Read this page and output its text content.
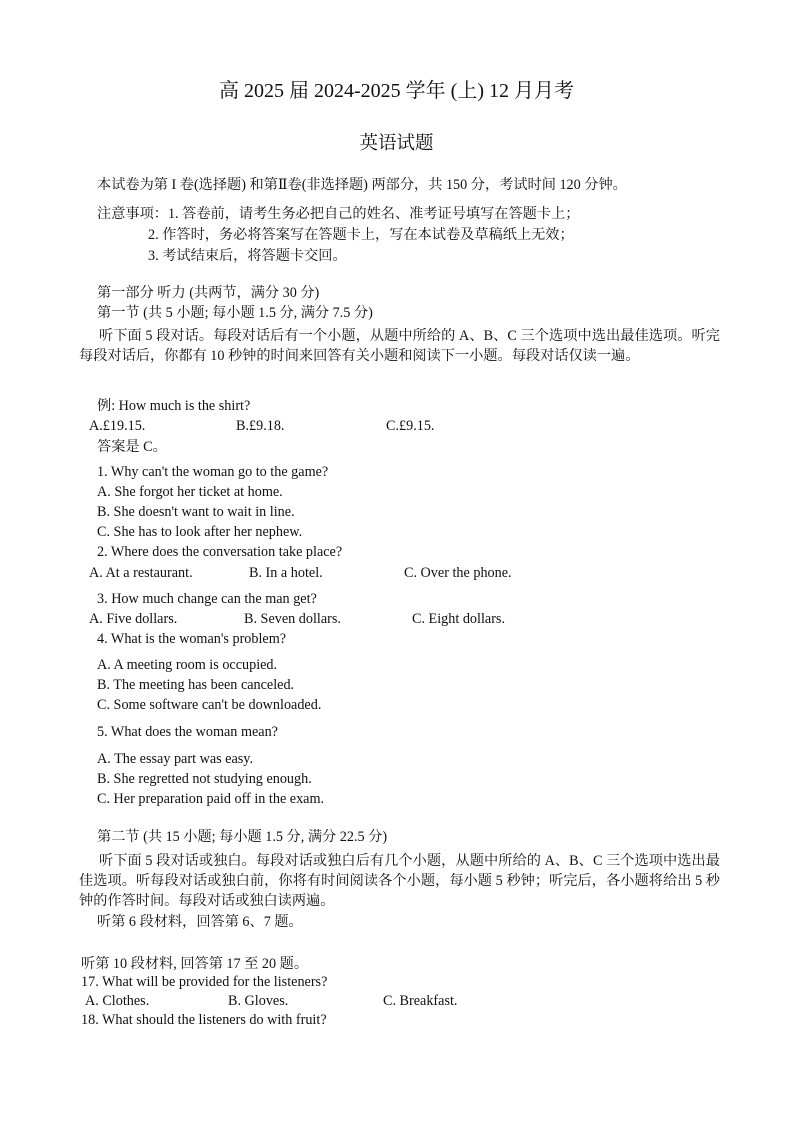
高 2025 届 2024-2025 学年 (上) 12 月月考
英语试题
本试卷为第 I 卷(选择题) 和第Ⅱ卷(非选择题) 两部分，共 150 分，考试时间 120 分钟。
注意事项：1. 答卷前，请考生务必把自己的姓名、准考证号填写在答题卡上；
2. 作答时，务必将答案写在答题卡上，写在本试卷及草稿纸上无效；
3. 考试结束后，将答题卡交回。
第一部分 听力 (共两节，满分 30 分)
第一节 (共 5 小题; 每小题 1.5 分, 满分 7.5 分)
听下面 5 段对话。每段对话后有一个小题，从题中所给的 A、B、C 三个选项中选出最佳选项。听完每段对话后，你都有 10 秒钟的时间来回答有关小题和阅读下一小题。每段对话仅读一遍。
例: How much is the shirt?
A.£19.15.	B.£9.18.	C.£9.15.
答案是 C。
1. Why can't the woman go to the game?
A. She forgot her ticket at home.
B. She doesn't want to wait in line.
C. She has to look after her nephew.
2. Where does the conversation take place?
A. At a restaurant.	B. In a hotel.	C. Over the phone.
3. How much change can the man get?
A. Five dollars.	B. Seven dollars.	C. Eight dollars.
4. What is the woman's problem?
A. A meeting room is occupied.
B. The meeting has been canceled.
C. Some software can't be downloaded.
5. What does the woman mean?
A. The essay part was easy.
B. She regretted not studying enough.
C. Her preparation paid off in the exam.
第二节 (共 15 小题; 每小题 1.5 分, 满分 22.5 分)
听下面 5 段对话或独白。每段对话或独白后有几个小题，从题中所给的 A、B、C 三个选项中选出最佳选项。听每段对话或独白前，你将有时间阅读各个小题，每小题 5 秒钟；听完后，各小题将给出 5 秒钟的作答时间。每段对话或独白读两遍。
听第 6 段材料，回答第 6、7 题。
听第 10 段材料, 回答第 17 至 20 题。
17. What will be provided for the listeners?
A. Clothes.	B. Gloves.	C. Breakfast.
18. What should the listeners do with fruit?
